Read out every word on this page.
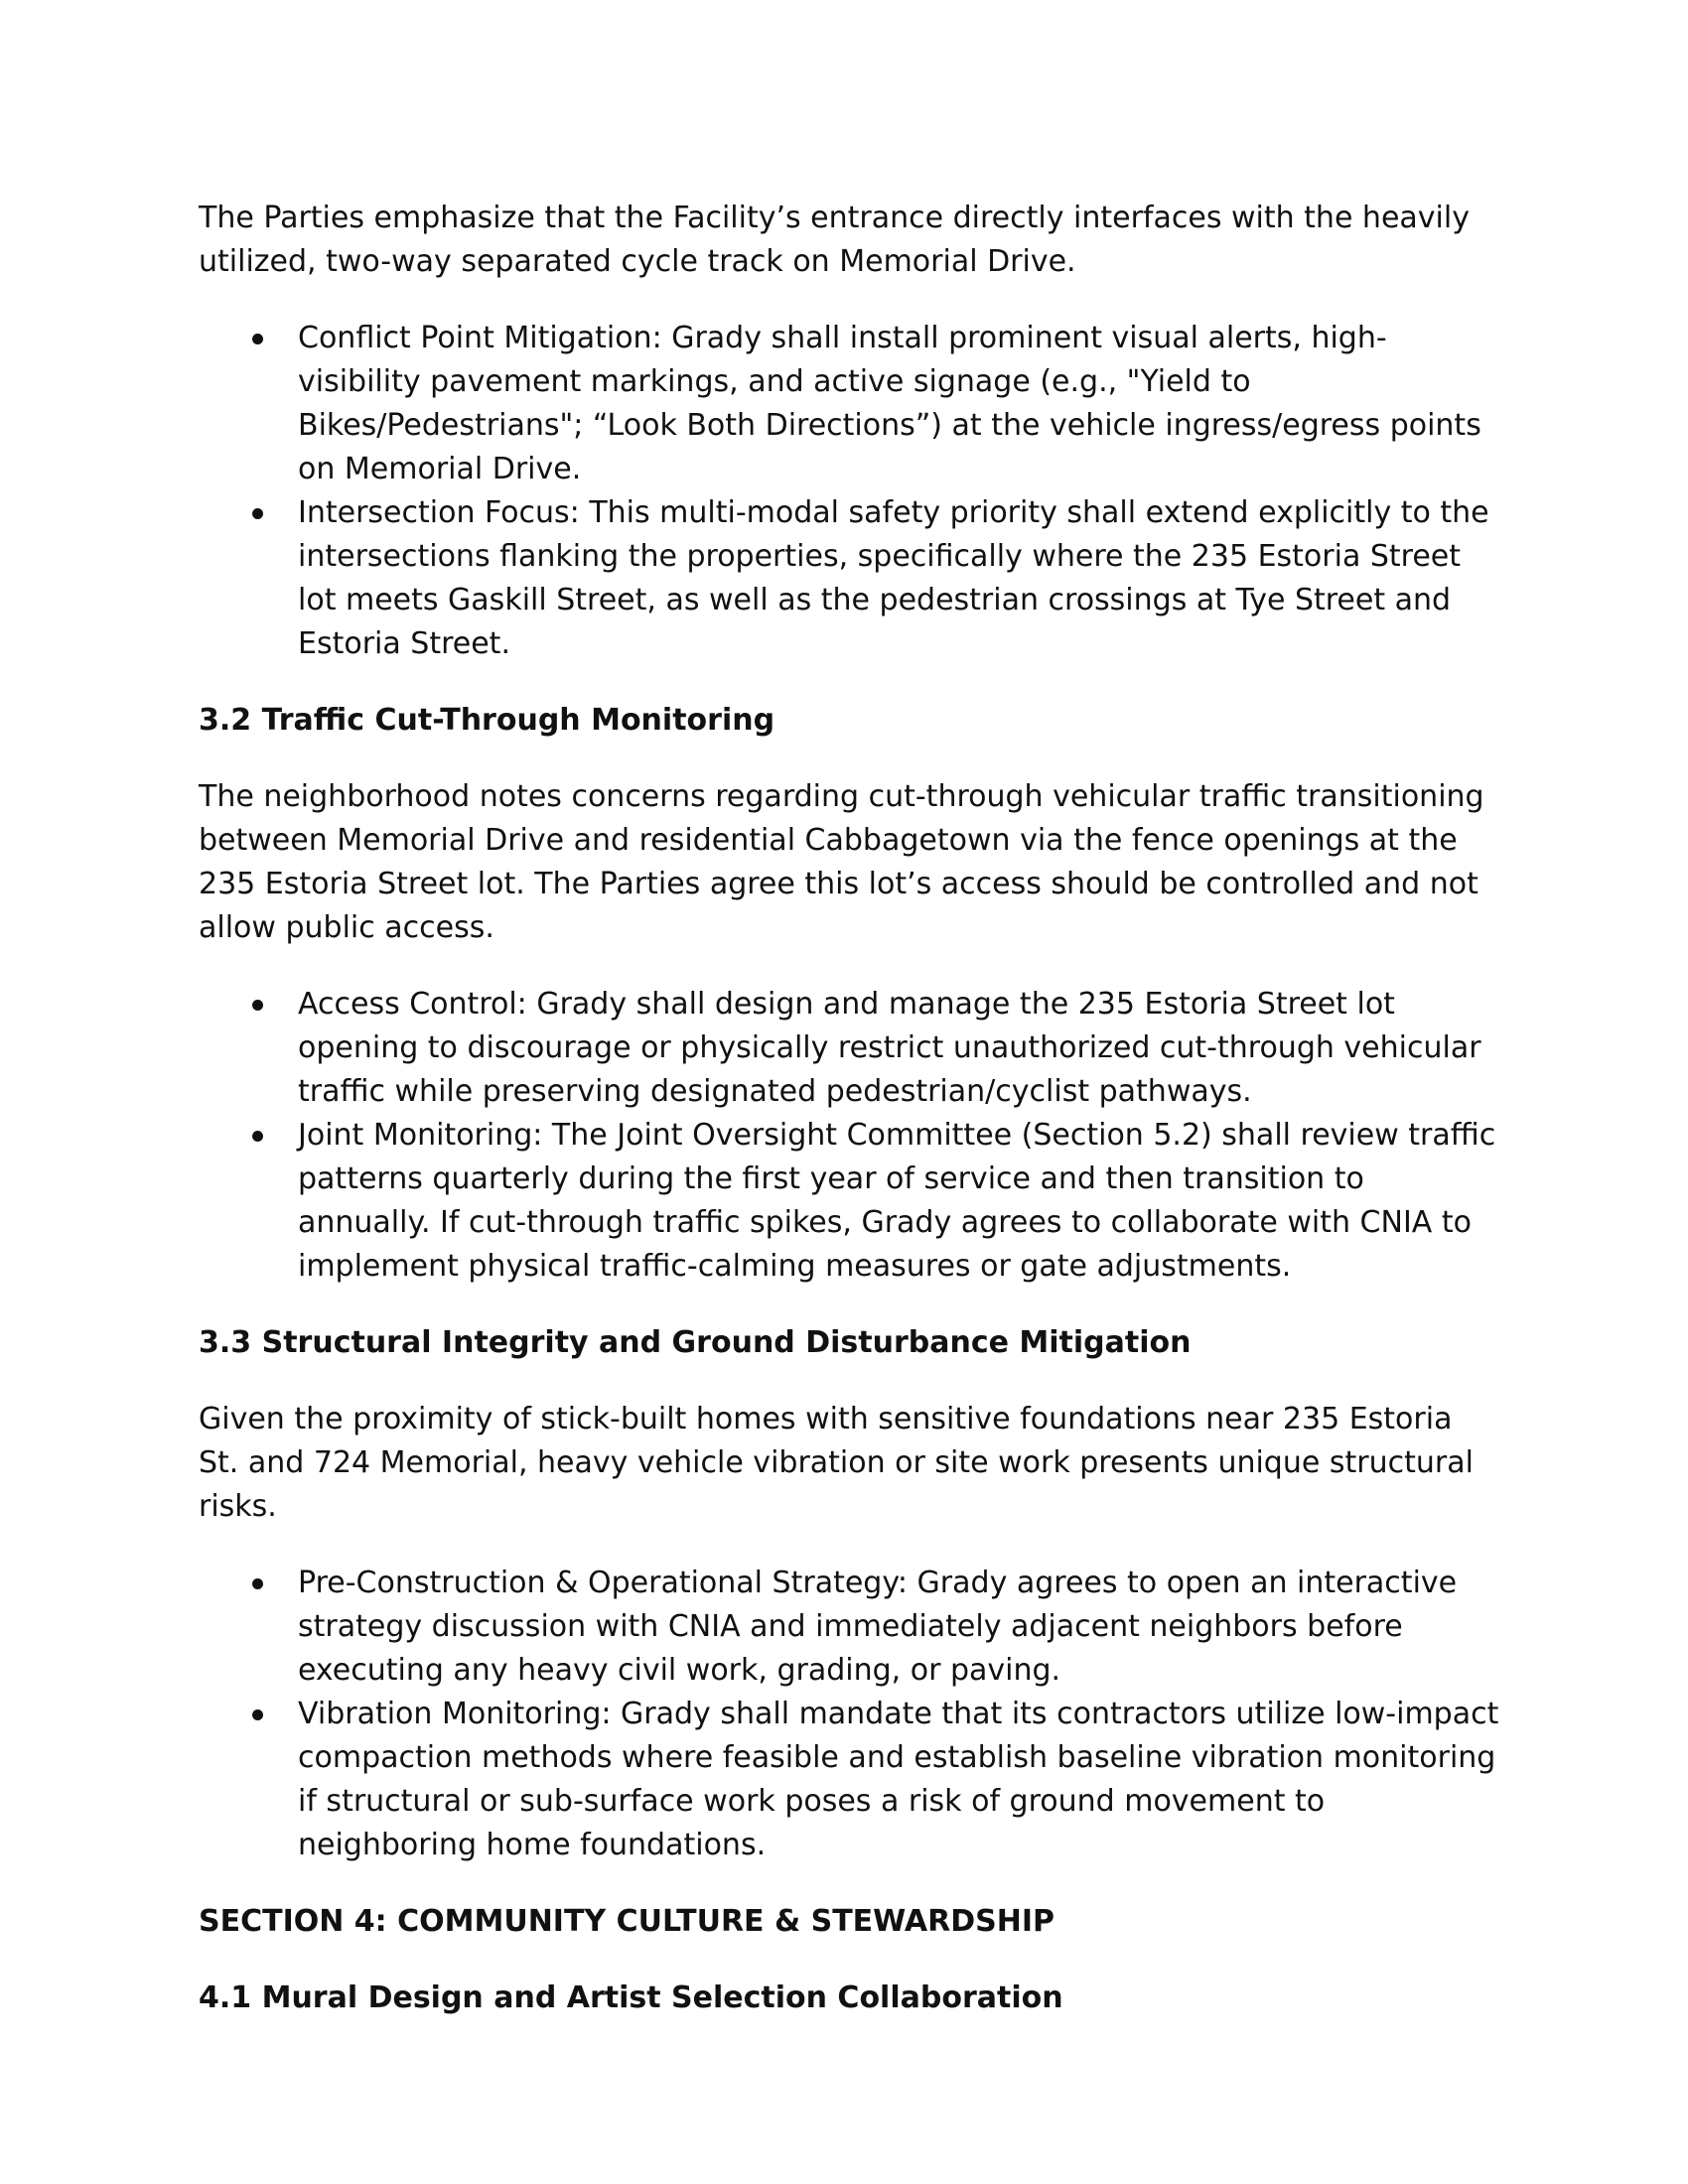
The Parties emphasize that the Facility’s entrance directly interfaces with the heavily utilized, two-way separated cycle track on Memorial Drive.

Conflict Point Mitigation: Grady shall install prominent visual alerts, high-visibility pavement markings, and active signage (e.g., "Yield to Bikes/Pedestrians"; “Look Both Directions”) at the vehicle ingress/egress points on Memorial Drive.
Intersection Focus: This multi-modal safety priority shall extend explicitly to the intersections flanking the properties, specifically where the 235 Estoria Street lot meets Gaskill Street, as well as the pedestrian crossings at Tye Street and Estoria Street.
3.2 Traffic Cut-Through Monitoring

The neighborhood notes concerns regarding cut-through vehicular traffic transitioning between Memorial Drive and residential Cabbagetown via the fence openings at the 235 Estoria Street lot. The Parties agree this lot’s access should be controlled and not allow public access.

Access Control: Grady shall design and manage the 235 Estoria Street lot opening to discourage or physically restrict unauthorized cut-through vehicular traffic while preserving designated pedestrian/cyclist pathways.
Joint Monitoring: The Joint Oversight Committee (Section 5.2) shall review traffic patterns quarterly during the first year of service and then transition to annually. If cut-through traffic spikes, Grady agrees to collaborate with CNIA to implement physical traffic-calming measures or gate adjustments.
3.3 Structural Integrity and Ground Disturbance Mitigation

Given the proximity of stick-built homes with sensitive foundations near 235 Estoria St. and 724 Memorial, heavy vehicle vibration or site work presents unique structural risks.

Pre-Construction & Operational Strategy: Grady agrees to open an interactive strategy discussion with CNIA and immediately adjacent neighbors before executing any heavy civil work, grading, or paving.
Vibration Monitoring: Grady shall mandate that its contractors utilize low-impact compaction methods where feasible and establish baseline vibration monitoring if structural or sub-surface work poses a risk of ground movement to neighboring home foundations.
SECTION 4: COMMUNITY CULTURE & STEWARDSHIP
4.1 Mural Design and Artist Selection Collaboration
